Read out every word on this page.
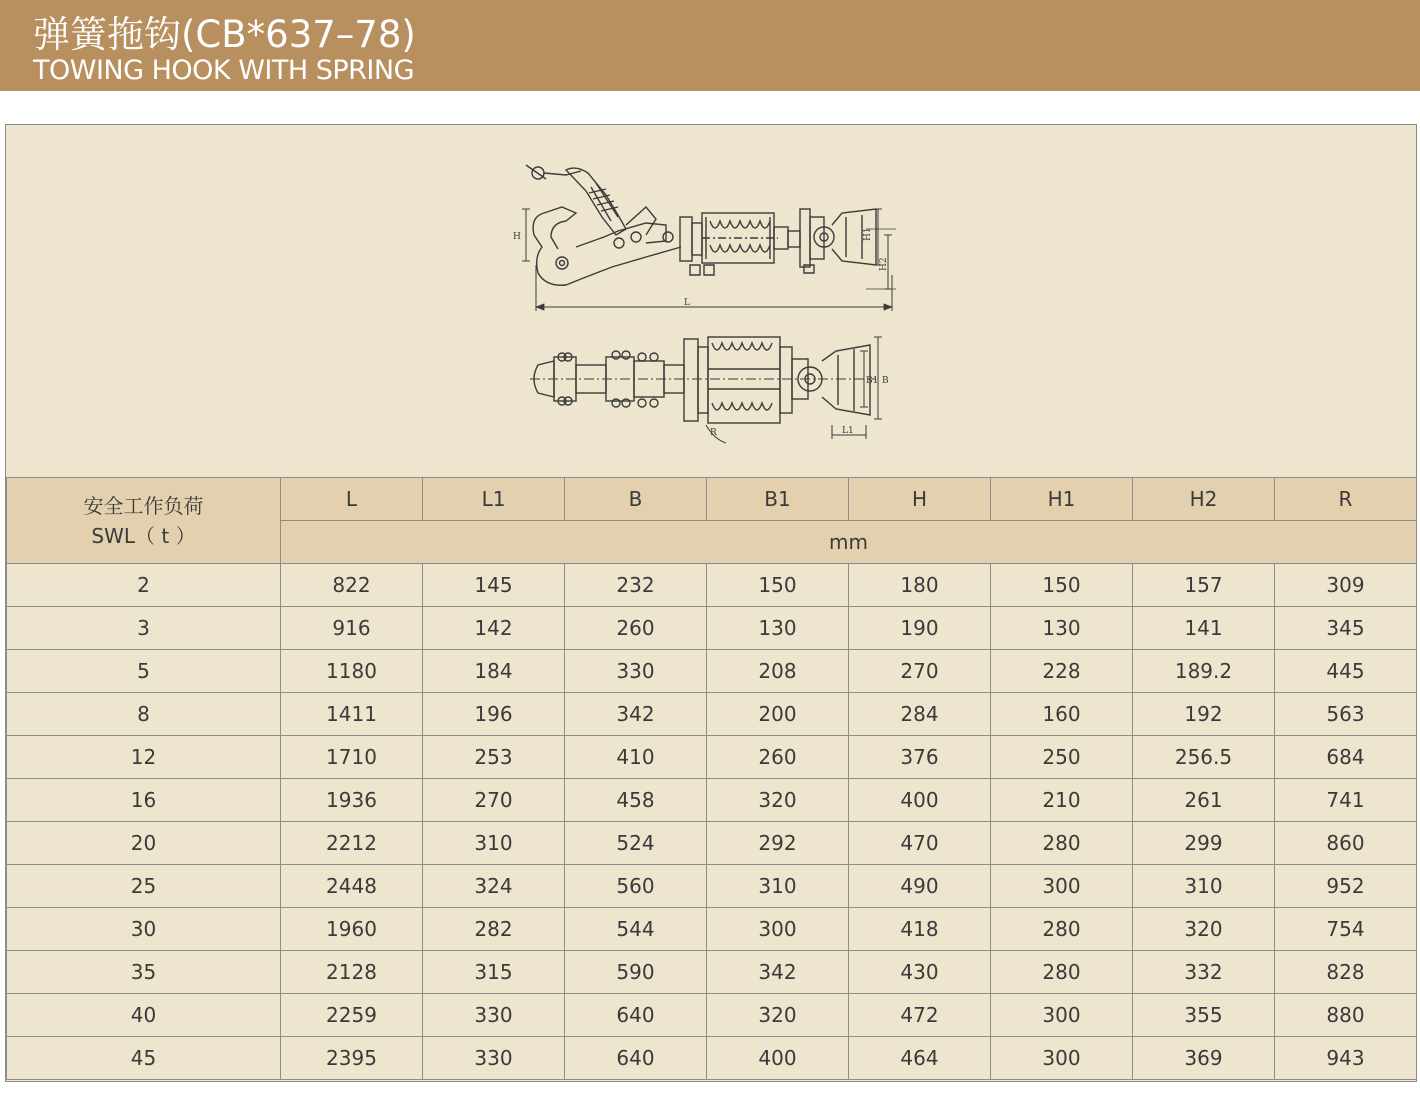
弹簧拖钩(CB*637–78)
TOWING HOOK WITH SPRING
H
L
H1
H2
B1 B
L1
R
安全工作负荷
SWL（ t ）	L	L1	B	B1	H	H1	H2	R
	mm							
2	822	145	232	150	180	150	157	309
3	916	142	260	130	190	130	141	345
5	1180	184	330	208	270	228	189.2	445
8	1411	196	342	200	284	160	192	563
12	1710	253	410	260	376	250	256.5	684
16	1936	270	458	320	400	210	261	741
20	2212	310	524	292	470	280	299	860
25	2448	324	560	310	490	300	310	952
30	1960	282	544	300	418	280	320	754
35	2128	315	590	342	430	280	332	828
40	2259	330	640	320	472	300	355	880
45	2395	330	640	400	464	300	369	943
